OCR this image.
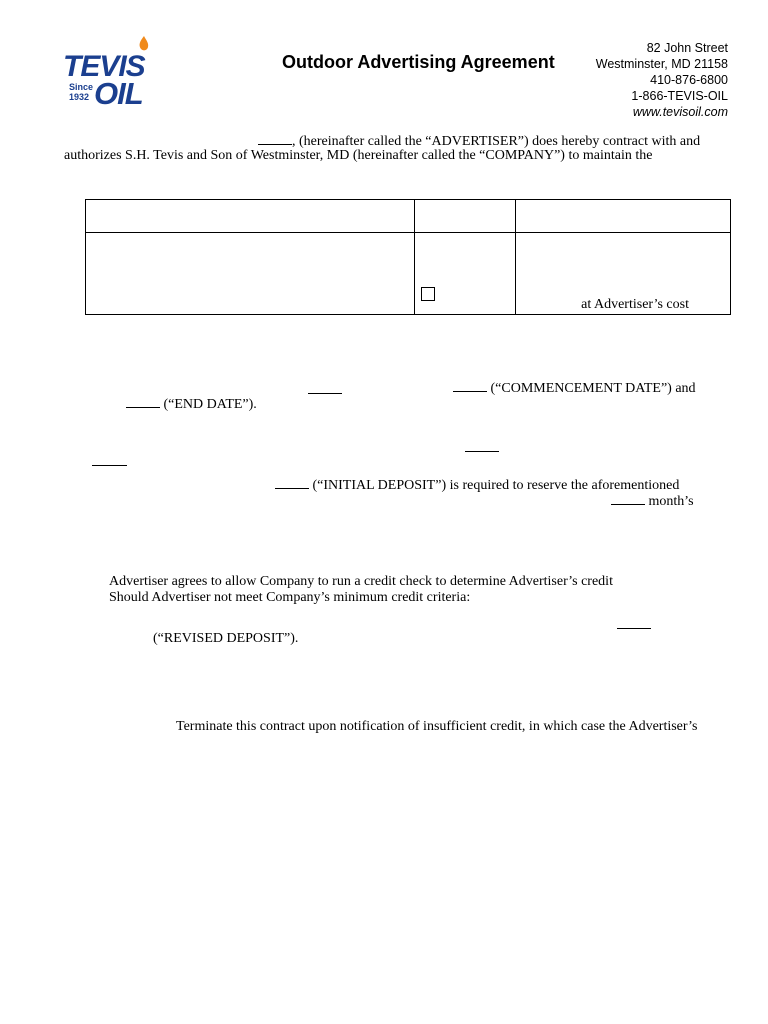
TEVIS
OIL
Since
1932
Outdoor Advertising Agreement
82 John Street
Westminster, MD 21158
410-876-6800
1-866-TEVIS-OIL
www.tevisoil.com
, (hereinafter called the “ADVERTISER”) does hereby contract with and
authorizes S.H. Tevis and Son of Westminster, MD (hereinafter called the “COMPANY”) to maintain the

		at Advertiser’s cost
(“COMMENCEMENT DATE”) and
(“END DATE”).
(“INITIAL DEPOSIT”) is required to reserve the aforementioned
month’s
Advertiser agrees to allow Company to run a credit check to determine Advertiser’s credit
Should Advertiser not meet Company’s minimum credit criteria:
(“REVISED DEPOSIT”).
Terminate this contract upon notification of insufficient credit, in which case the Advertiser’s
